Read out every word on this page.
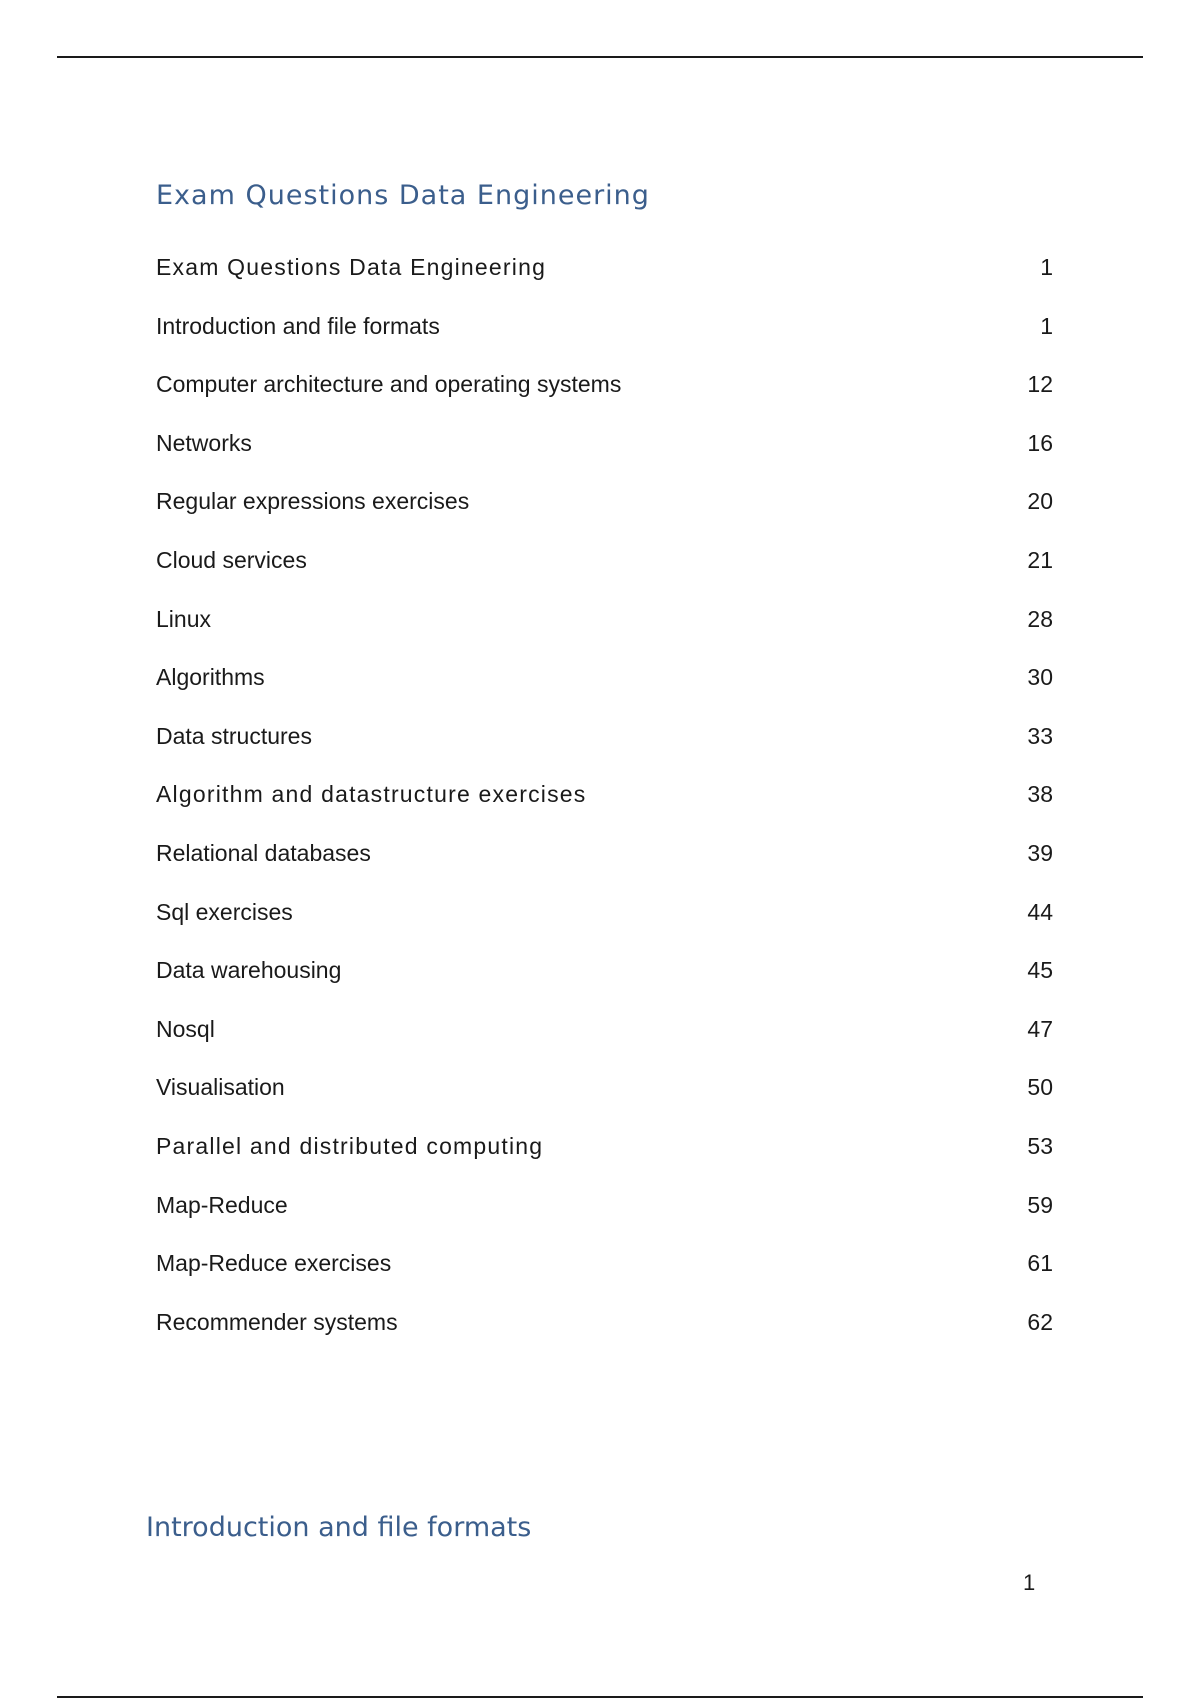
Exam Questions Data Engineering
Exam Questions Data Engineering	1
Introduction and file formats	1
Computer architecture and operating systems	12
Networks	16
Regular expressions exercises	20
Cloud services	21
Linux	28
Algorithms	30
Data structures	33
Algorithm and datastructure exercises	38
Relational databases	39
Sql exercises	44
Data warehousing	45
Nosql	47
Visualisation	50
Parallel and distributed computing	53
Map-Reduce	59
Map-Reduce exercises	61
Recommender systems	62
Introduction and file formats
1
